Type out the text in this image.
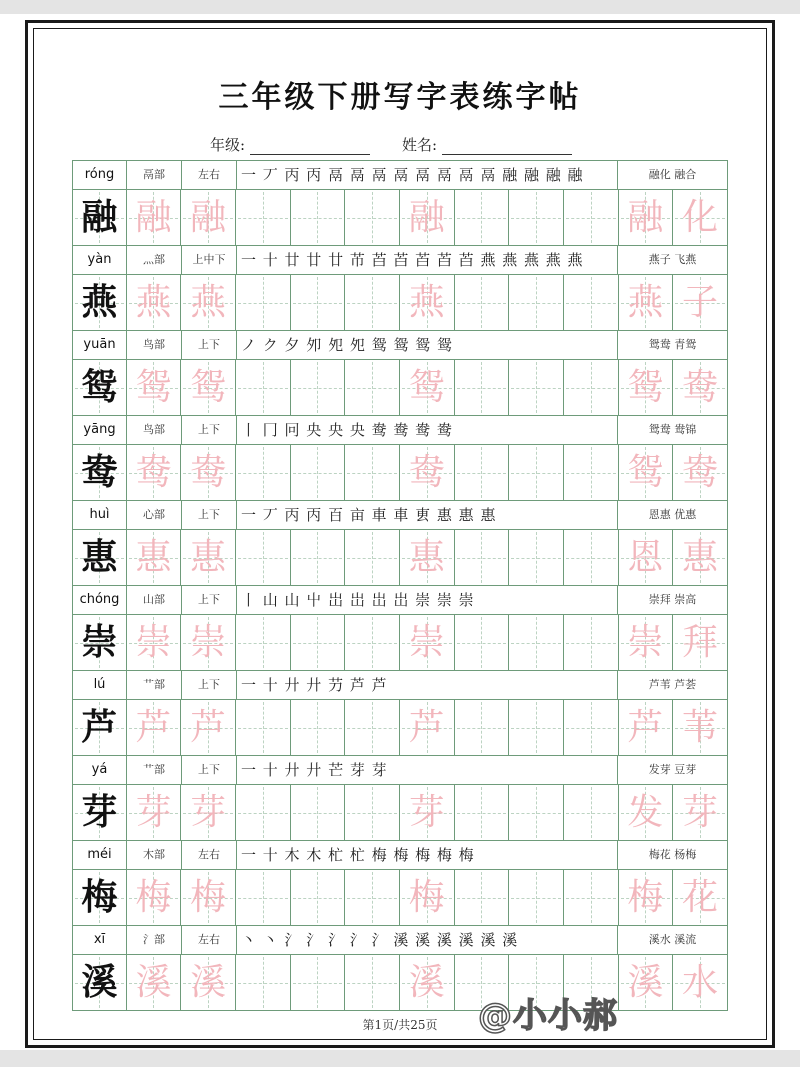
三年级下册写字表练字帖
年级:	姓名:
róng	鬲部	左右	一 丆 丙 丙 鬲 鬲 鬲 鬲 鬲 鬲 鬲 鬲 融 融 融 融	融化 融合
融 融 融	融	融 化
yàn	灬部	上中下	一 十 廿 廿 廿 芇 苩 苩 苩 苩 苩 燕 燕 燕 燕 燕	燕子 飞燕
燕 燕 燕	燕	燕 子
yuān	鸟部	上下	ノ ク 夕 夘 夗 夗 鸳 鸳 鸳 鸳	鸳鸯 青鸳
鸳 鸳 鸳	鸳	鸳 鸯
yāng	鸟部	上下	丨 冂 冋 央 央 央 鸯 鸯 鸯 鸯	鸳鸯 鸯锦
鸯 鸯 鸯	鸯	鸳 鸯
huì	心部	上下	一 丆 丙 丙 百 亩 車 車 叀 惠 惠 惠	恩惠 优惠
惠 惠 惠	惠	恩 惠
chóng	山部	上下	丨 山 山 屮 岀 岀 岀 岀 崇 崇 崇	崇拜 崇高
崇 崇 崇	崇	崇 拜
lú	艹部	上下	一 十 廾 廾 芀 芦 芦	芦苇 芦荟
芦 芦 芦	芦	芦 苇
yá	艹部	上下	一 十 廾 廾 芒 芽 芽	发芽 豆芽
芽 芽 芽	芽	发 芽
méi	木部	左右	一 十 木 木 杧 杧 梅 梅 梅 梅 梅	梅花 杨梅
梅 梅 梅	梅	梅 花
xī	氵部	左右	丶 丶 氵 氵 氵 氵 氵 溪 溪 溪 溪 溪 溪	溪水 溪流
溪 溪 溪	溪	溪 水
第1页/共25页	@小小郝
